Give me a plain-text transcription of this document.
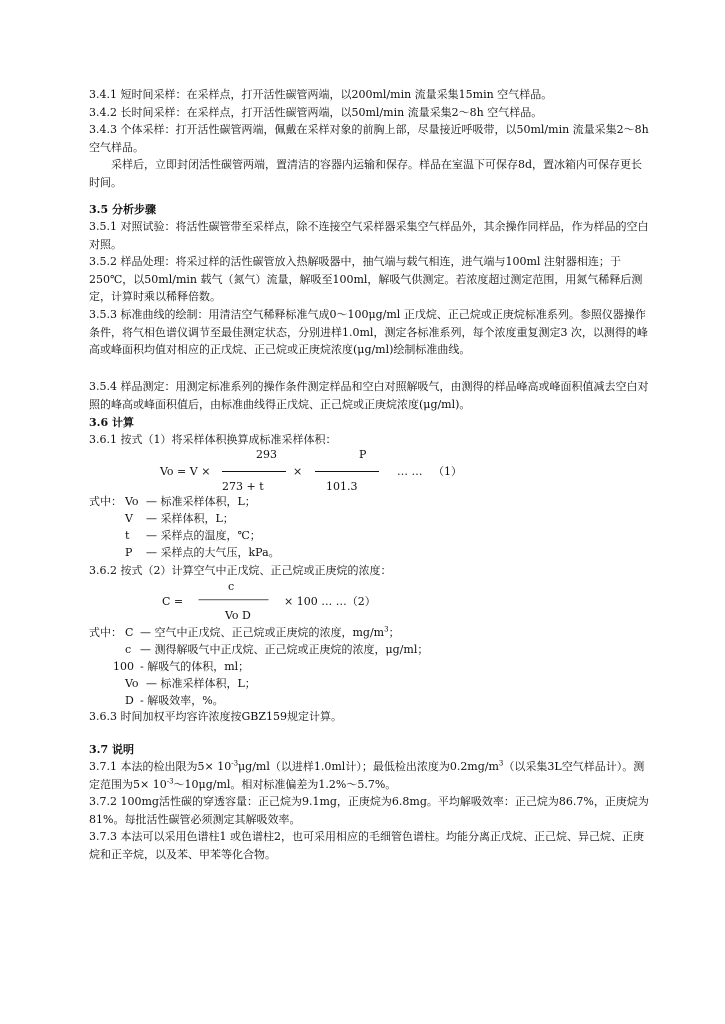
3.4.1 短时间采样：在采样点，打开活性碳管两端，以200ml/min 流量采集15min 空气样品。

3.4.2 长时间采样：在采样点，打开活性碳管两端，以50ml/min 流量采集2～8h 空气样品。

3.4.3 个体采样：打开活性碳管两端，佩戴在采样对象的前胸上部，尽量接近呼吸带，以50ml/min 流量采集2～8h 空气样品。

采样后，立即封闭活性碳管两端，置清洁的容器内运输和保存。样品在室温下可保存8d，置冰箱内可保存更长时间。

3.5 分析步骤

3.5.1 对照试验：将活性碳管带至采样点，除不连接空气采样器采集空气样品外，其余操作同样品，作为样品的空白对照。

3.5.2 样品处理：将采过样的活性碳管放入热解吸器中，抽气端与载气相连，进气端与100ml 注射器相连；于250℃，以50ml/min 载气（氮气）流量，解吸至100ml，解吸气供测定。若浓度超过测定范围，用氮气稀释后测定，计算时乘以稀释倍数。

3.5.3 标准曲线的绘制：用清洁空气稀释标准气成0～100μg/ml 正戊烷、正己烷或正庚烷标准系列。参照仪器操作条件，将气相色谱仪调节至最佳测定状态，分别进样1.0ml，测定各标准系列，每个浓度重复测定3 次，以测得的峰高或峰面积均值对相应的正戊烷、正己烷或正庚烷浓度(μg/ml)绘制标准曲线。

3.5.4 样品测定：用测定标准系列的操作条件测定样品和空白对照解吸气，由测得的样品峰高或峰面积值减去空白对照的峰高或峰面积值后，由标准曲线得正戊烷、正己烷或正庚烷浓度(μg/ml)。

3.6 计算

3.6.1 按式（1）将采样体积换算成标准采样体积：

293	P
Vo = V ×	×	… … （1）
273 + t	101.3
式中： Vo — 标准采样体积，L；
V — 采样体积，L；
t — 采样点的温度，℃；
P — 采样点的大气压，kPa。

3.6.2 按式（2）计算空气中正戊烷、正己烷或正庚烷的浓度：

c
C = ——————— × 100 … …（2）
Vo D
式中： C — 空气中正戊烷、正己烷或正庚烷的浓度，$mg/m^3$；
c — 测得解吸气中正戊烷、正己烷或正庚烷的浓度，μg/ml；
100 - 解吸气的体积，ml；
Vo — 标准采样体积，L；
D - 解吸效率，%。

3.6.3 时间加权平均容许浓度按GBZ159规定计算。

3.7 说明

3.7.1 本法的检出限为$5\times 10^{-3}\mu g/ml$（以进样1.0ml计）；最低检出浓度为$0.2mg/m^3$（以采集3L空气样品计）。测定范围为$5\times 10^{-3}\sim 10\mu g/ml$。相对标准偏差为1.2%～5.7%。

3.7.2 100mg活性碳的穿透容量：正己烷为9.1mg，正庚烷为6.8mg。平均解吸效率：正己烷为86.7%，正庚烷为81%。每批活性碳管必须测定其解吸效率。

3.7.3 本法可以采用色谱柱1 或色谱柱2，也可采用相应的毛细管色谱柱。均能分离正戊烷、正己烷、异己烷、正庚烷和正辛烷，以及苯、甲苯等化合物。
